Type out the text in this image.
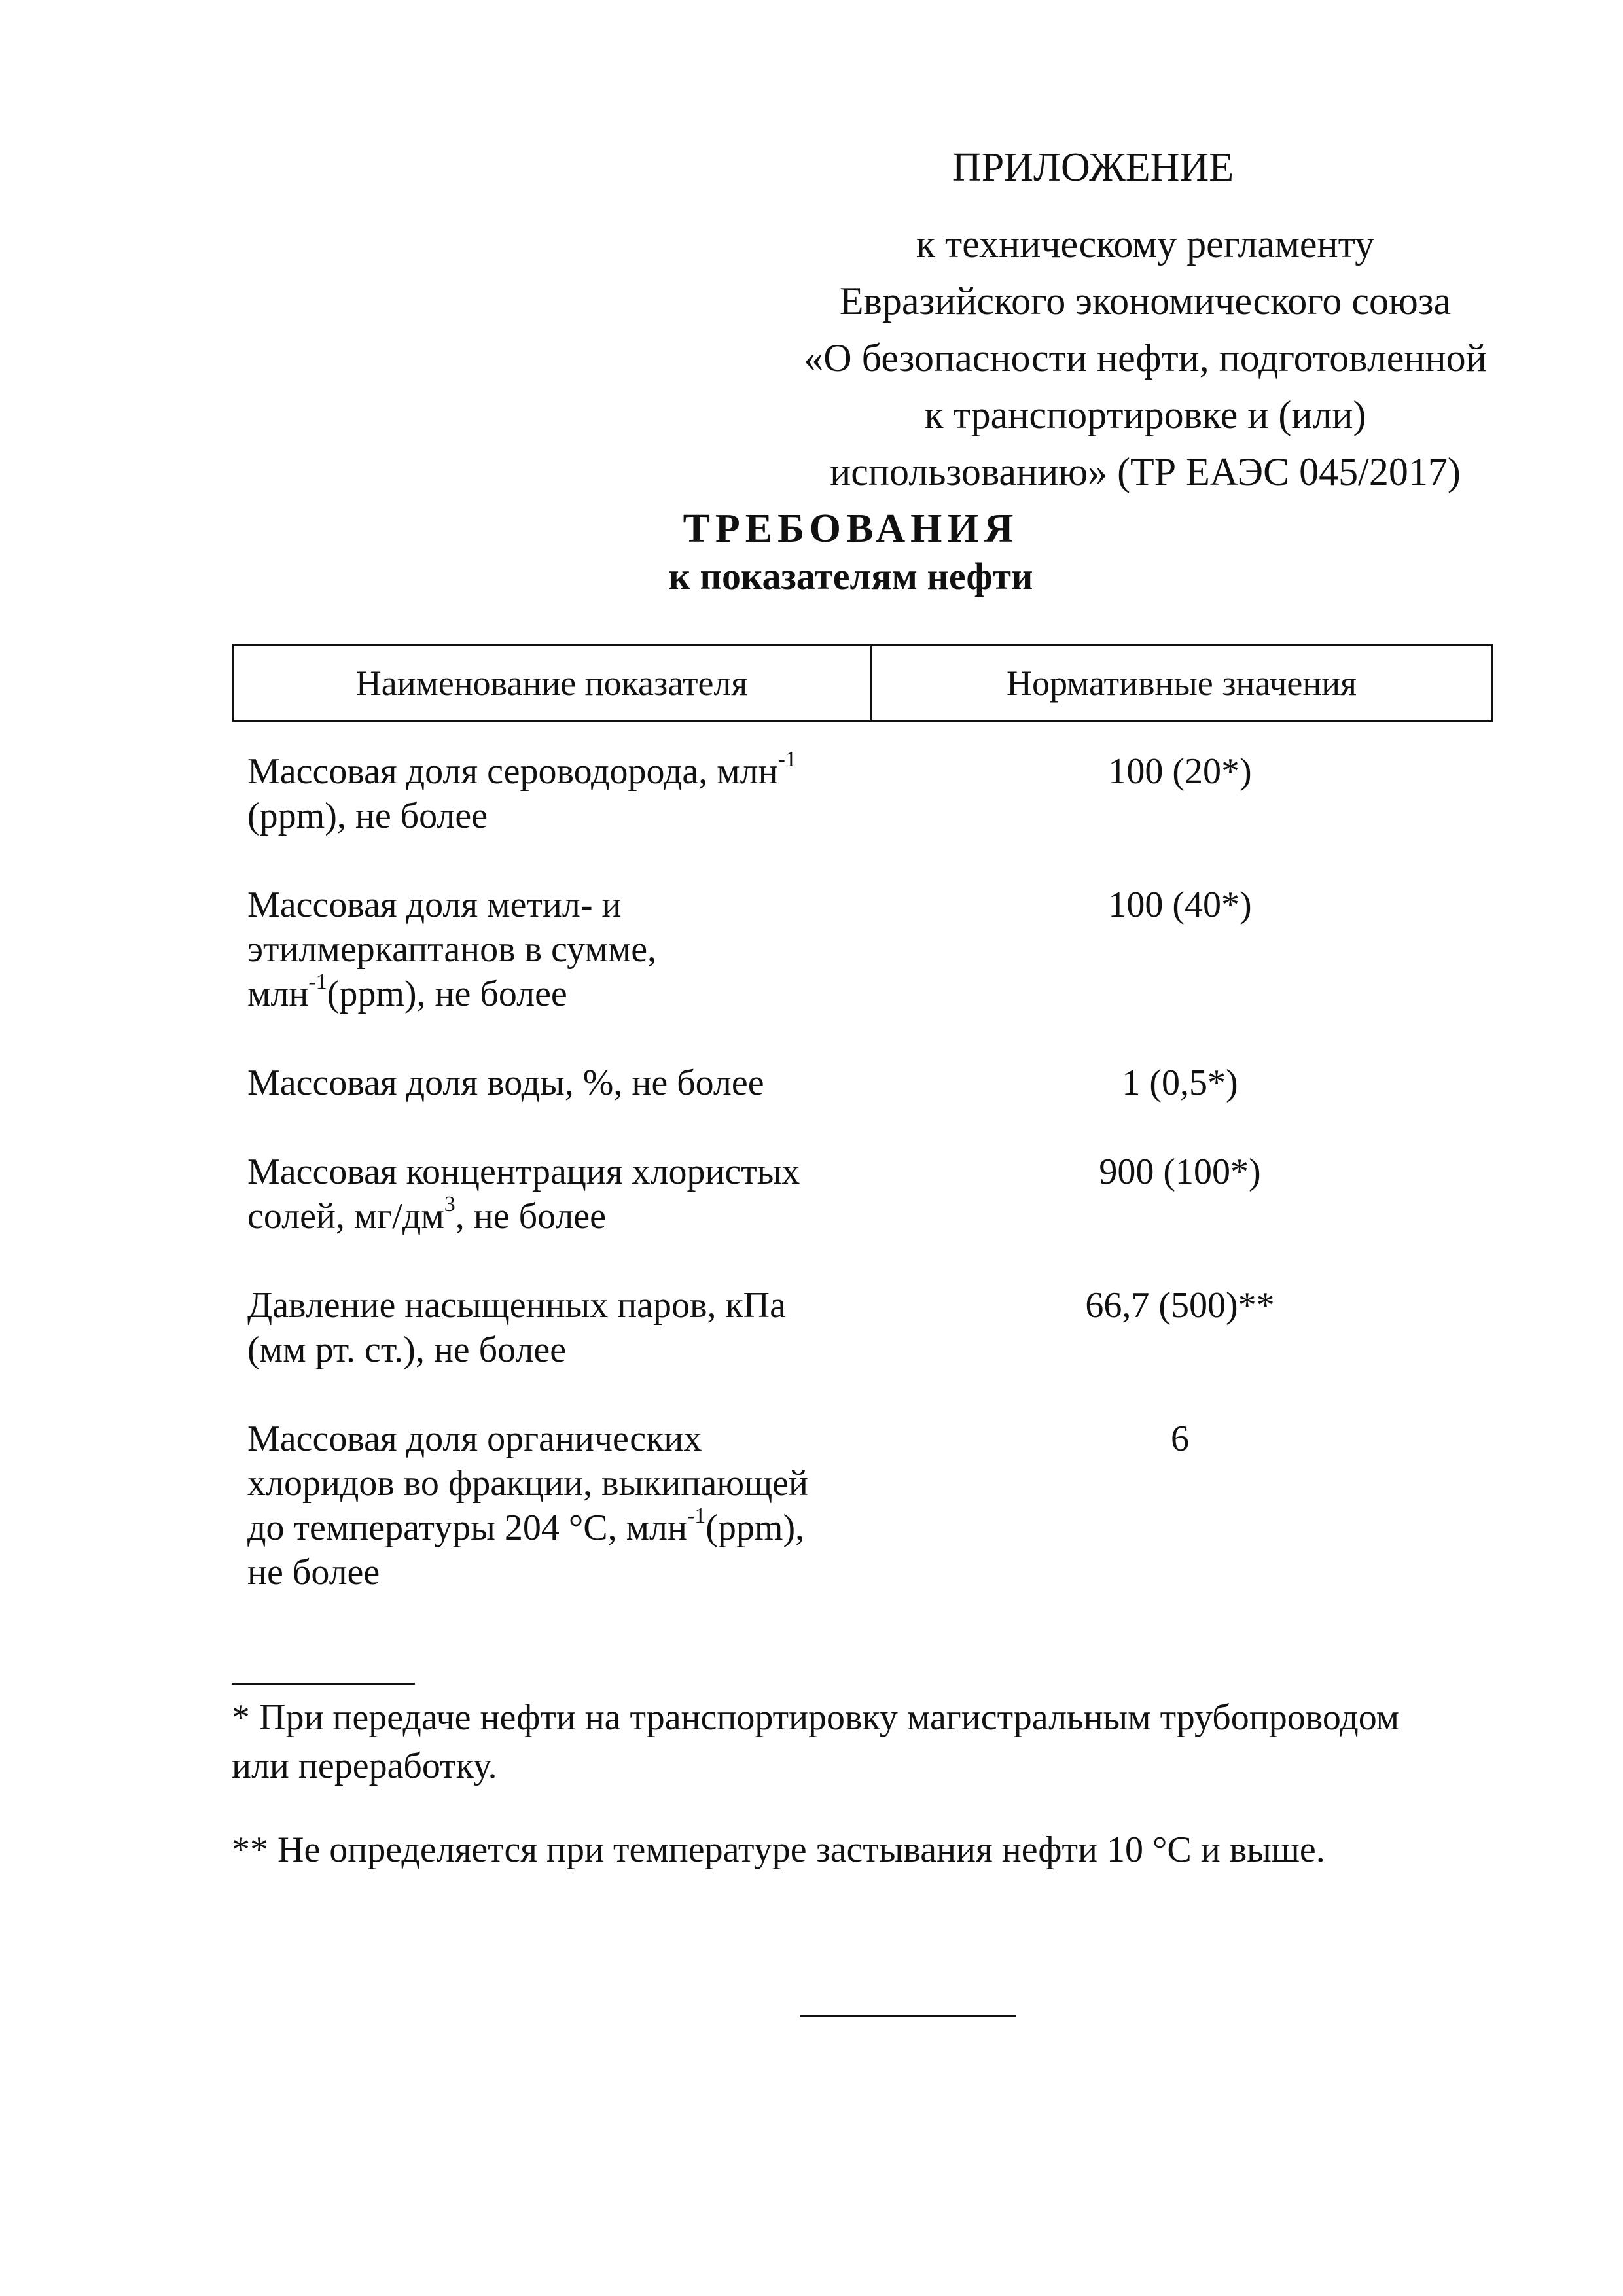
ПРИЛОЖЕНИЕ
к техническому регламенту
Евразийского экономического союза
«О безопасности нефти, подготовленной
к транспортировке и (или)
использованию» (ТР ЕАЭС 045/2017)
ТРЕБОВАНИЯ
к показателям нефти
Наименование показателя	Нормативные значения
Массовая доля сероводорода, млн$^{-1}$
(ppm), не более
100 (20*)
Массовая доля метил- и
этилмеркаптанов в сумме,
млн$^{-1}$(ppm), не более
100 (40*)
Массовая доля воды, %, не более	1 (0,5*)
Массовая концентрация хлористых
солей, $мг/дм^3$, не более
900 (100*)
Давление насыщенных паров, кПа
(мм рт. ст.), не более
66,7 (500)**
Массовая доля органических
хлоридов во фракции, выкипающей
до температуры 204 °С, млн$^{-1}$(ppm),
не более
6
* При передаче нефти на транспортировку магистральным трубопроводом
или переработку.
** Не определяется при температуре застывания нефти 10 °С и выше.
